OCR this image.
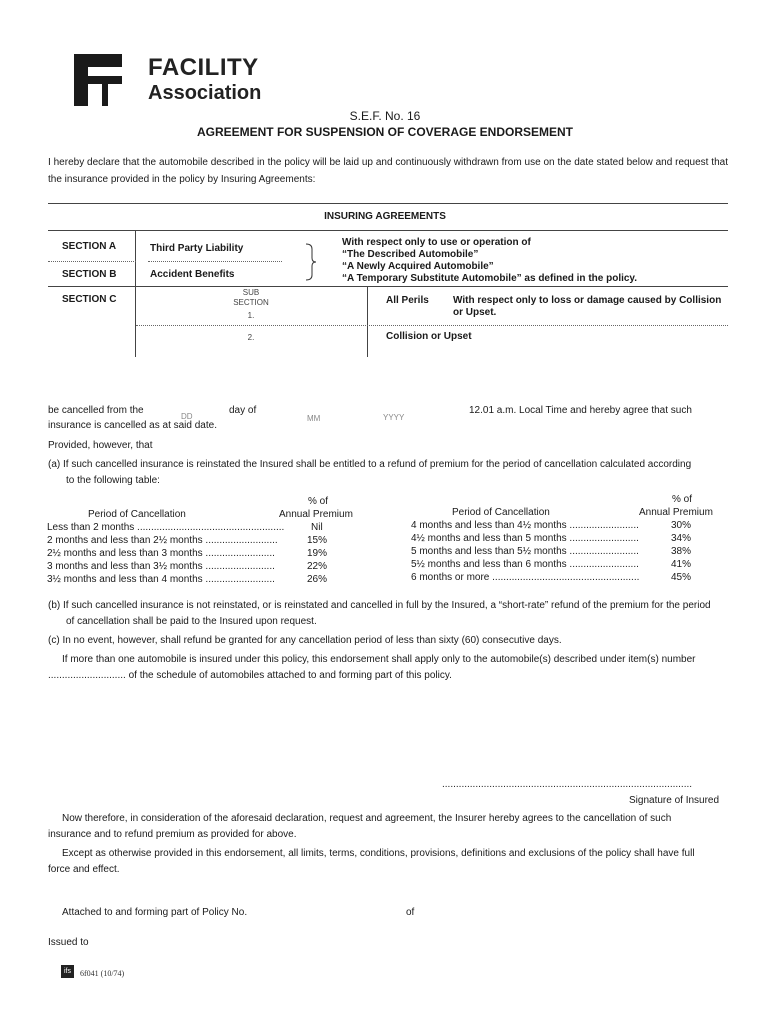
FACILITY
Association
S.E.F. No. 16
AGREEMENT FOR SUSPENSION OF COVERAGE ENDORSEMENT
I hereby declare that the automobile described in the policy will be laid up and continuously withdrawn from use on the date stated below and request that the insurance provided in the policy by Insuring Agreements:
INSURING AGREEMENTS
SECTION A	Third Party Liability
SECTION B	Accident Benefits
With respect only to use or operation of
“The Described Automobile”
“A Newly Acquired Automobile”
“A Temporary Substitute Automobile” as defined in the policy.
SECTION C
SUB
SECTION
1.
All Perils With respect only to loss or damage caused by Collision
or Upset.
2.	Collision or Upset
be cancelled from the
DD
day of
MM	YYYY
12.01 a.m. Local Time and hereby agree that such
insurance is cancelled as at said date.
Provided, however, that
(a) If such cancelled insurance is reinstated the Insured shall be entitled to a refund of premium for the period of cancellation calculated according
to the following table:
% of
Period of Cancellation	Annual Premium
Less than 2 months .....................................................	Nil
2 months and less than 2½ months ..........................	15%
2½ months and less than 3 months .........................	19%
3 months and less than 3½ months .........................	22%
3½ months and less than 4 months .........................	26%
% of
Period of Cancellation	Annual Premium
4 months and less than 4½ months .........................	30%
4½ months and less than 5 months .........................	34%
5 months and less than 5½ months .........................	38%
5½ months and less than 6 months .........................	41%
6 months or more .....................................................	45%
(b) If such cancelled insurance is not reinstated, or is reinstated and cancelled in full by the Insured, a “short-rate” refund of the premium for the period
of cancellation shall be paid to the Insured upon request.
(c) In no event, however, shall refund be granted for any cancellation period of less than sixty (60) consecutive days.
If more than one automobile is insured under this policy, this endorsement shall apply only to the automobile(s) described under item(s) number
............................ of the schedule of automobiles attached to and forming part of this policy.
..........................................................................................
Signature of Insured
Now therefore, in consideration of the aforesaid declaration, request and agreement, the Insurer hereby agrees to the cancellation of such
insurance and to refund premium as provided for above.
Except as otherwise provided in this endorsement, all limits, terms, conditions, provisions, definitions and exclusions of the policy shall have full
force and effect.
Attached to and forming part of Policy No.	of
Issued to
ifs	6f041 (10/74)
